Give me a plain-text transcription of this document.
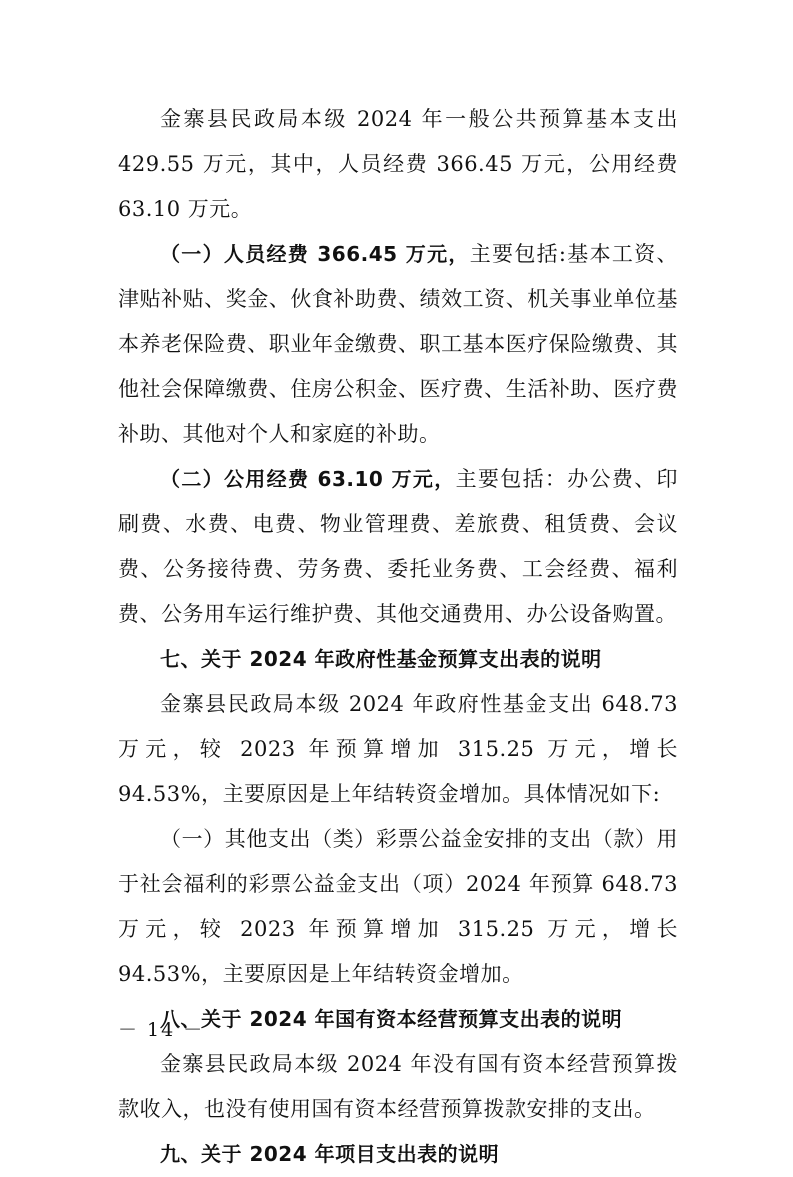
金寨县民政局本级 2024 年一般公共预算基本支出 429.55 万元，其中，人员经费 366.45 万元，公用经费 63.10 万元。

（一）人员经费 366.45 万元，主要包括:基本工资、津贴补贴、奖金、伙食补助费、绩效工资、机关事业单位基本养老保险费、职业年金缴费、职工基本医疗保险缴费、其他社会保障缴费、住房公积金、医疗费、生活补助、医疗费补助、其他对个人和家庭的补助。

（二）公用经费 63.10 万元，主要包括：办公费、印刷费、水费、电费、物业管理费、差旅费、租赁费、会议费、公务接待费、劳务费、委托业务费、工会经费、福利费、公务用车运行维护费、其他交通费用、办公设备购置。

七、关于 2024 年政府性基金预算支出表的说明

金寨县民政局本级 2024 年政府性基金支出 648.73 万元，较 2023 年预算增加 315.25 万元，增长 94.53%，主要原因是上年结转资金增加。具体情况如下:

（一）其他支出（类）彩票公益金安排的支出（款）用于社会福利的彩票公益金支出（项）2024 年预算 648.73 万元，较 2023 年预算增加 315.25 万元，增长 94.53%，主要原因是上年结转资金增加。

八、关于 2024 年国有资本经营预算支出表的说明

金寨县民政局本级 2024 年没有国有资本经营预算拨款收入，也没有使用国有资本经营预算拨款安排的支出。

九、关于 2024 年项目支出表的说明

－ 14 －
